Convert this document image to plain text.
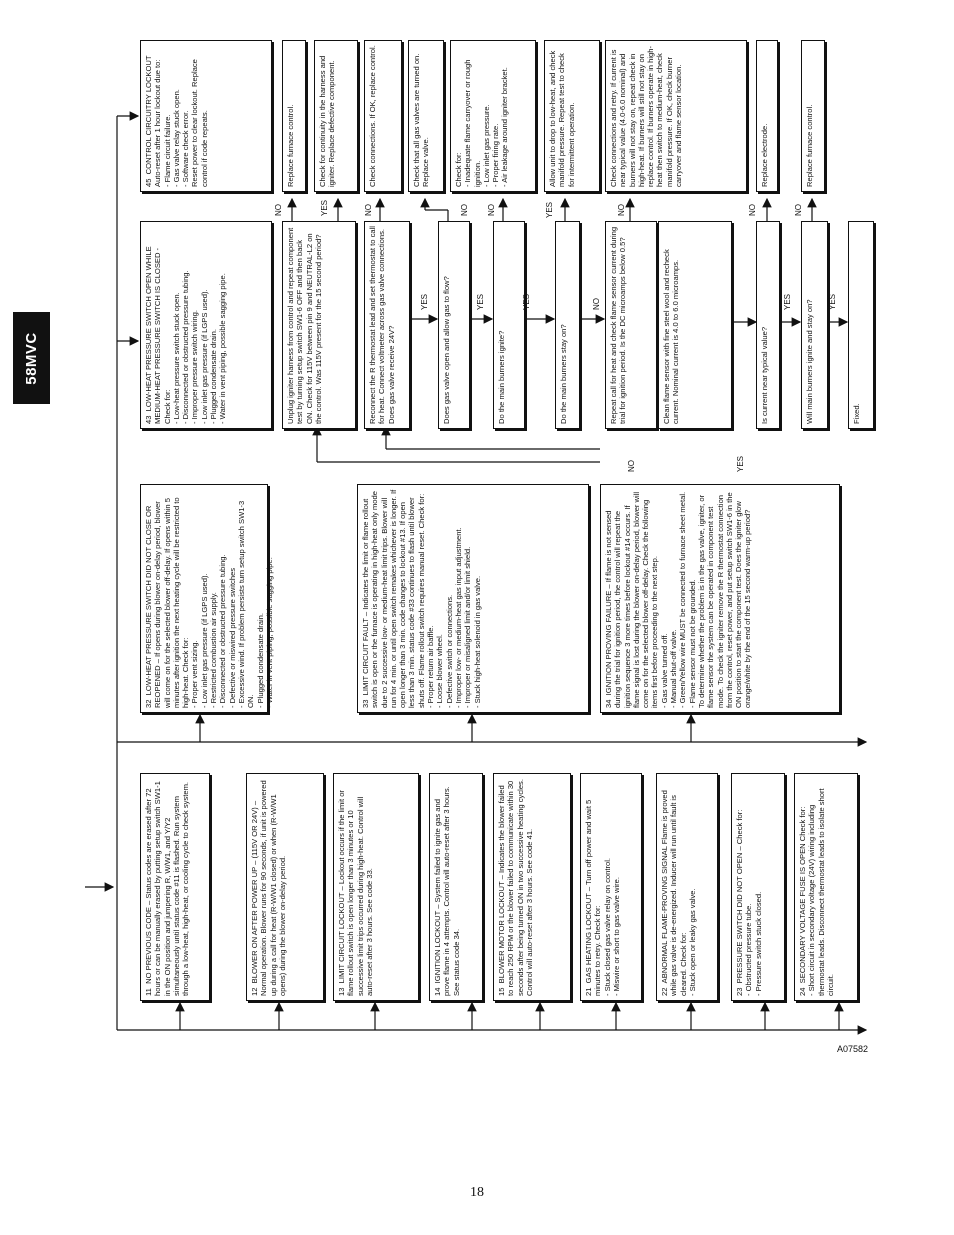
58MVC
11  NO PREVIOUS CODE – Status codes are erased after 72 hours or can be manually erased by putting setup switch SW1-1 in the ON position and jumpering R, W/W1, and Y/Y2 simultaneously until status code #11 is flashed. Run system through a low-heat, high-heat, or cooling cycle to check system.	12  BLOWER ON AFTER POWER UP – (115V OR 24V) – Normal operation. Blower runs for 90 seconds, if unit is powered up during a call for heat (R-W/W1 closed) or when (R-W/W1 opens) during the blower on-delay period.	13  LIMIT CIRCUIT LOCKOUT – Lockout occurs if the limit or flame rollout switch is open longer than 3 minutes or 10 successive limit trips occurred during high-heat. Control will auto-reset after 3 hours. See code 33.	14  IGNITION LOCKOUT – System failed to ignite gas and prove flame in 4 attempts. Control will auto-reset after 3 hours. See status code 34.	15  BLOWER MOTOR LOCKOUT – Indicates the blower failed to reach 250 RPM or the blower failed to communicate within 30 seconds after being turned ON in two successive heating cycles. Control will auto-reset after 3 hours. See code 41.	21  GAS HEATING LOCKOUT – Turn off power and wait 5 minutes to retry. Check for:
- Stuck closed gas valve relay on control.
- Miswire or short to gas valve wire.
22  ABNORMAL FLAME-PROVING SIGNAL Flame is proved while gas valve is de-energized. Inducer will run until fault is cleared. Check for:
- Stuck open or leaky gas valve.
23  PRESSURE SWITCH DID NOT OPEN – Check for:
- Obstructed pressure tube.
- Pressure switch stuck closed.
24  SECONDARY VOLTAGE FUSE IS OPEN Check for:
- Short circuit in secondary voltage (24V) wiring including thermostat leads. Disconnect thermostat leads to isolate short circuit.
32  LOW-HEAT PRESSURE SWITCH DID NOT CLOSE OR REOPENED – If opens during blower on-delay period, blower will come on for the selected blower off-delay. If opens within 5 minutes after ignition the next heating cycle will be restricted to high-heat. Check for:
- Proper vent sizing.
- Low inlet gas pressure (if LGPS used).
- Restricted combustion air supply.
- Disconnected or obstructed pressure tubing.
- Defective or miswired pressure switches
- Excessive wind. If problem persists turn setup switch SW1-3 ON.
- Plugged condensate drain.
- Water in vent piping, possible sagging pipe.
33  LIMIT CIRCUIT FAULT – Indicates the limit or flame rollout switch is open or the furnace is operating in high-heat only mode due to 2 successive low- or medium-heat limit trips. Blower will run for 4 min. or until open switch remakes whichever is longer. If open longer than 3 min. code changes to lockout #13. If open less than 3 min. status code #33 continues to flash until blower shuts off. Flame rollout switch requires manual reset. Check for:
- Proper return air baffle.
- Loose blower wheel.
- Defective switch or connections.
- Improper low- or medium-heat gas input adjustment.
- Improper or misaligned limit and/or limit shield.
- Stuck high-heat solenoid in gas valve.
34  IGNITION PROVING FAILURE – If flame is not sensed during the trial for ignition period, the control will repeat the ignition sequence 3 more times before lockout #14 occurs. If flame signal is lost during the blower on-delay period, blower will come on for the selected blower off-delay. Check the following items first before proceeding to the next step.
- Gas valve turned off.
- Manual shut-off valve.
- Green/Yellow wire MUST be connected to furnace sheet metal.
- Flame sensor must not be grounded.
To determine whether the problem is in the gas valve, igniter, or flame sensor the system can be operated in component test mode. To check the igniter remove the R thermostat connection from the control, reset power, and put setup switch SW1-6 in the ON position to start the component test. Does the igniter glow orange/white by the end of the 15 second warm-up period?
43  LOW-HEAT PRESSURE SWITCH OPEN WHILE MEDIUM-HEAT PRESSURE SWITCH IS CLOSED - Check for:
- Low-heat pressure switch stuck open.
- Disconnected or obstructed pressure tubing.
- Improper pressure switch wiring.
- Low inlet gas pressure (if LGPS used).
- Plugged condensate drain.
- Water in vent piping, possible sagging pipe.
45  CONTROL CIRCUITRY LOCKOUT Auto-reset after 1 hour lockout due to:
- Flame circuit failure.
- Gas valve relay stuck open.
- Software check error.
Reset power to clear lockout. Replace control if code repeats.
Unplug igniter harness from control and repeat component test by turning setup switch SW1-6 OFF and then back ON. Check for 115V between pin 9 and NEUTRAL-L2 on the control. Was 115V present for the 15 second period?	Reconnect the R thermostat lead and set thermostat to call for heat. Connect voltmeter across gas valve connections. Does gas valve receive 24V?	Does gas valve open and allow gas to flow?	Do the main burners ignite?	Do the main burners stay on?	Repeat call for heat and check flame sensor current during trial for ignition period. Is the DC microamps below 0.5?	Clean flame sensor with fine steel wool and recheck current. Nominal current is 4.0 to 6.0 microamps.	Is current near typical value?	Will main burners ignite and stay on?	Fixed.
Replace furnace control.	Check for continuity in the harness and igniter. Replace defective component.	Check connections. If OK, replace control.	Check that all gas valves are turned on. Replace valve.	Check for:
- Inadequate flame carryover or rough ignition.
- Low inlet gas pressure.
- Proper firing rate.
- Air leakage around igniter bracket.	Allow unit to drop to low-heat, and check manifold pressure. Repeat test to check for intermittent operation.	Check connections and retry. If current is near typical value (4.0-6.0 nominal) and burners will not stay on, repeat check in high-heat. If burners will still not stay on replace control. If burners operate in high-heat then switch to medium-heat, check manifold pressure. If OK, check burner carryover and flame sensor location.	Replace electrode.	Replace furnace control.
NO	YES	NO
YES
NO
YES
NO
YES
YES
NO
NO
NO	YES
NO
YES
NO
YES
A07582
18
